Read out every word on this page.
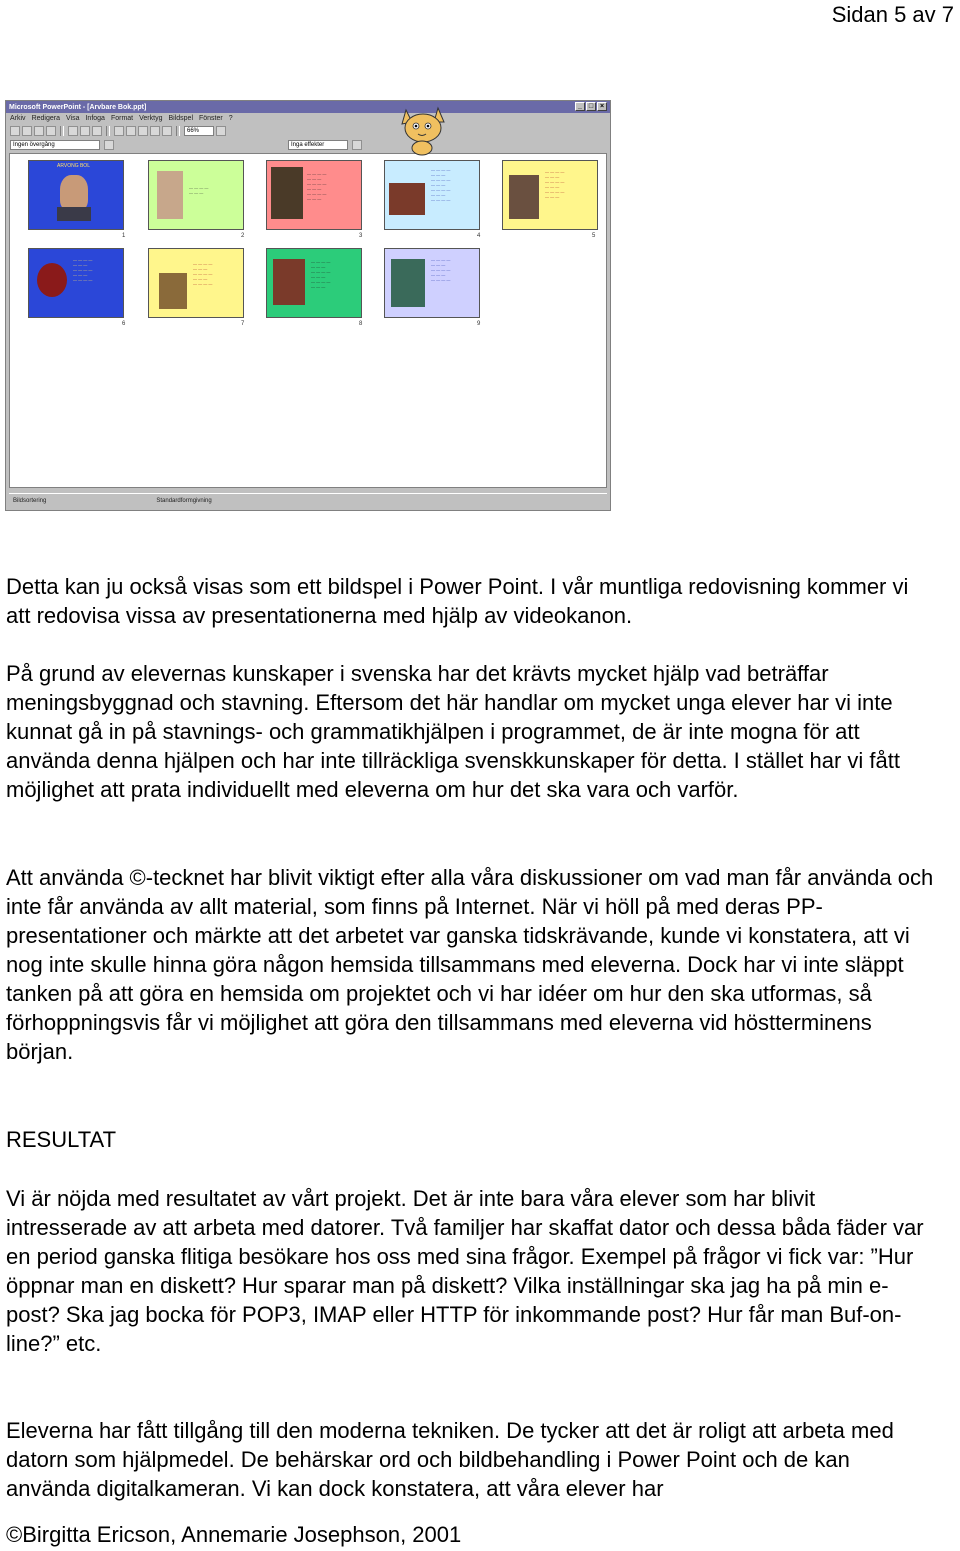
Sidan 5 av 7
Microsoft PowerPoint - [Arvbare Bok.ppt]	_ □ ×
Arkiv Redigera Visa Infoga Format Verktyg Bildspel Fönster ?
66%
Ingen övergång	Inga effekter
ARVONG BOL
1
— — — —
— — —
2
— — — —
— — —
— — — —
— — —
— — — —
— — —
3
— — — —
— — —
— — — —
— — —
— — — —
— — —
— — — —
4
— — — —
— — —
— — — —
— — —
— — — —
— — —
5
— — — —
— — —
— — — —
— — —
— — — —
6
— — — —
— — —
— — — —
— — —
— — — —
7
— — — —
— — —
— — — —
— — —
— — — —
— — —
8
— — — —
— — —
— — — —
— — —
— — — —
9
Bildsortering	Standardformgivning

Detta kan ju också visas som ett bildspel i Power Point. I vår muntliga redovisning kommer vi att redovisa vissa av presentationerna med hjälp av videokanon.

På grund av elevernas kunskaper i svenska har det krävts mycket hjälp vad beträffar meningsbyggnad och stavning. Eftersom det här handlar om mycket unga elever har vi inte kunnat gå in på stavnings- och grammatikhjälpen i programmet, de är inte mogna för att använda denna hjälpen och har inte tillräckliga svenskkunskaper för detta. I stället har vi fått möjlighet att prata individuellt med eleverna om hur det ska vara och varför.

Att använda ©-tecknet har blivit viktigt efter alla våra diskussioner om vad man får använda och inte får använda av allt material, som finns på Internet. När vi höll på med deras PP-presentationer och märkte att det arbetet var ganska tidskrävande, kunde vi konstatera, att vi nog inte skulle hinna göra någon hemsida tillsammans med eleverna. Dock har vi inte släppt tanken på att göra en hemsida om projektet och vi har idéer om hur den ska utformas, så förhoppningsvis får vi möjlighet att göra den tillsammans med eleverna vid höstterminens början.

RESULTAT

Vi är nöjda med resultatet av vårt projekt. Det är inte bara våra elever som har blivit intresserade av att arbeta med datorer. Två familjer har skaffat dator och dessa båda fäder var en period ganska flitiga besökare hos oss med sina frågor. Exempel på frågor vi fick var: ”Hur öppnar man en diskett? Hur sparar man på diskett? Vilka inställningar ska jag ha på min e-post? Ska jag bocka för POP3, IMAP eller HTTP för inkommande post? Hur får man Buf-on-line?” etc.

Eleverna har fått tillgång till den moderna tekniken. De tycker att det är roligt att arbeta med datorn som hjälpmedel. De behärskar ord och bildbehandling i Power Point och de kan använda digitalkameran. Vi kan dock konstatera, att våra elever har

©Birgitta Ericson, Annemarie Josephson, 2001
